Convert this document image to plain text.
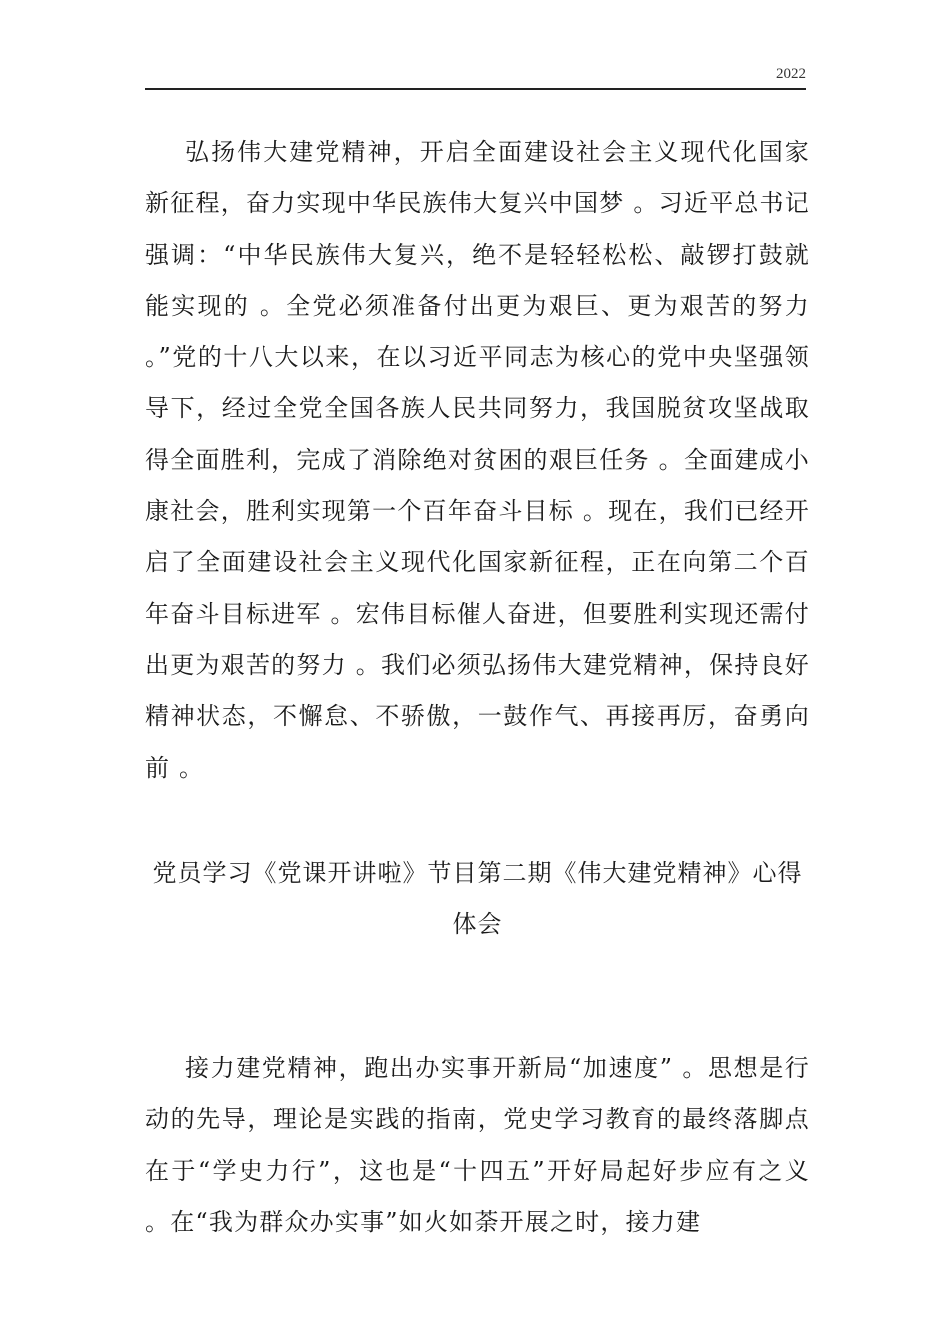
2022

弘扬伟大建党精神，开启全面建设社会主义现代化国家新征程，奋力实现中华民族伟大复兴中国梦 。习近平总书记强调：“中华民族伟大复兴，绝不是轻轻松松、敲锣打鼓就能实现的 。全党必须准备付出更为艰巨、更为艰苦的努力 。”党的十八大以来，在以习近平同志为核心的党中央坚强领导下，经过全党全国各族人民共同努力，我国脱贫攻坚战取得全面胜利，完成了消除绝对贫困的艰巨任务 。全面建成小康社会，胜利实现第一个百年奋斗目标 。现在，我们已经开启了全面建设社会主义现代化国家新征程，正在向第二个百年奋斗目标进军 。宏伟目标催人奋进，但要胜利实现还需付出更为艰苦的努力 。我们必须弘扬伟大建党精神，保持良好精神状态，不懈怠、不骄傲，一鼓作气、再接再厉，奋勇向前 。

党员学习《党课开讲啦》节目第二期《伟大建党精神》心得体会

接力建党精神，跑出办实事开新局“加速度” 。思想是行动的先导，理论是实践的指南，党史学习教育的最终落脚点在于“学史力行”，这也是“十四五”开好局起好步应有之义 。在“我为群众办实事”如火如荼开展之时，接力建
